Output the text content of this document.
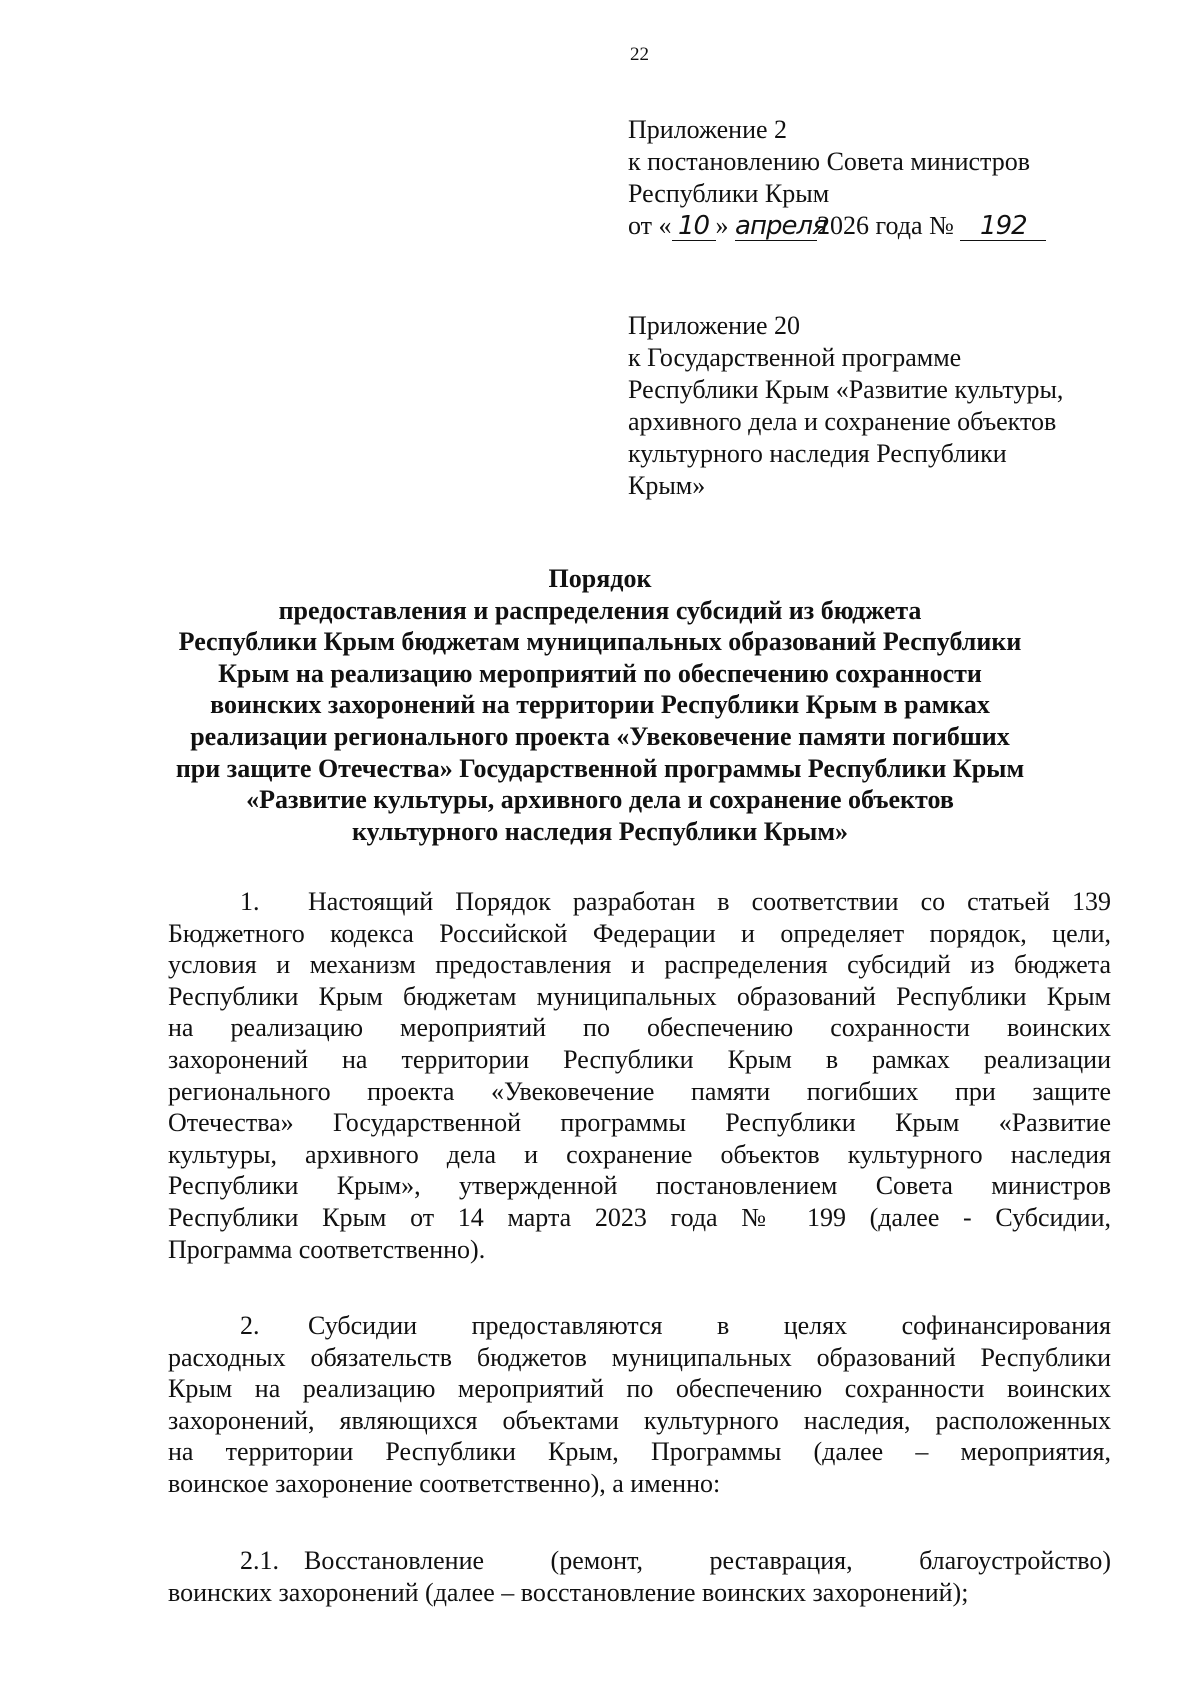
22
Приложение 2
к постановлению Совета министров
Республики Крым
от « 10 » апреля2026 года № 192
Приложение 20
к Государственной программе
Республики Крым «Развитие культуры,
архивного дела и сохранение объектов
культурного наследия Республики
Крым»
Порядок
предоставления и распределения субсидий из бюджета
Республики Крым бюджетам муниципальных образований Республики
Крым на реализацию мероприятий по обеспечению сохранности
воинских захоронений на территории Республики Крым в рамках
реализации регионального проекта «Увековечение памяти погибших
при защите Отечества» Государственной программы Республики Крым
«Развитие культуры, архивного дела и сохранение объектов
культурного наследия Республики Крым»
1. Настоящий Порядок разработан в соответствии со статьей 139
Бюджетного кодекса Российской Федерации и определяет порядок, цели,
условия и механизм предоставления и распределения субсидий из бюджета
Республики Крым бюджетам муниципальных образований Республики Крым
на реализацию мероприятий по обеспечению сохранности воинских
захоронений на территории Республики Крым в рамках реализации
регионального проекта «Увековечение памяти погибших при защите
Отечества» Государственной программы Республики Крым «Развитие
культуры, архивного дела и сохранение объектов культурного наследия
Республики Крым», утвержденной постановлением Совета министров
Республики Крым от 14 марта 2023 года № 199 (далее - Субсидии,
Программа соответственно).
2. Субсидии предоставляются в целях софинансирования
расходных обязательств бюджетов муниципальных образований Республики
Крым на реализацию мероприятий по обеспечению сохранности воинских
захоронений, являющихся объектами культурного наследия, расположенных
на территории Республики Крым, Программы (далее – мероприятия,
воинское захоронение соответственно), а именно:
2.1. Восстановление (ремонт, реставрация, благоустройство)
воинских захоронений (далее – восстановление воинских захоронений);
